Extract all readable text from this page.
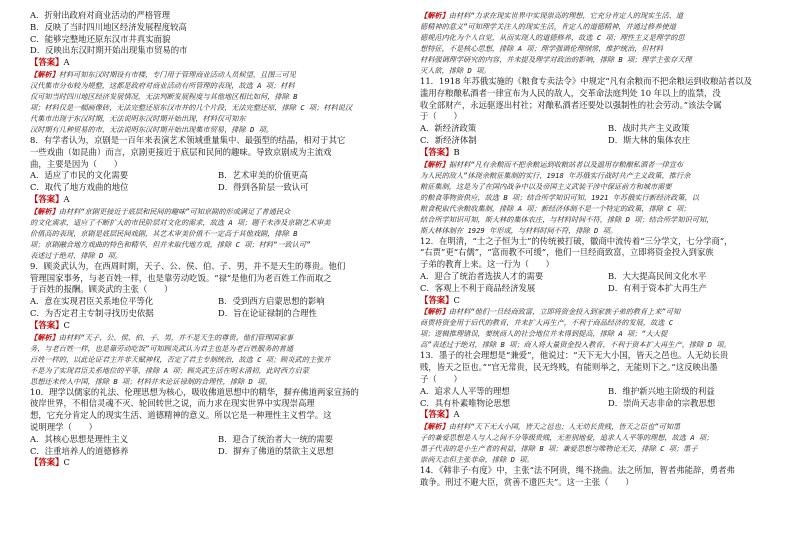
A．折射出政府对商业活动的严格管理
B．反映了当时四川地区经济发展程度较高
C．能够完整地还原东汉市井真实面貌
D．反映出东汉时期开始出现集市贸易的市
【答案】A
【解析】材料可知东汉时期设有市楼，专门用于管理商业活动人员候望，且图三可见
汉代集市分布较为规整，这都是政府对商业活动有所管理的表现，故选 A 项；材料
仅可知当时四川地区经济发展情况，无法判断发展程度与其他地区相比如何，排除 B
项；材料仅是一幅画像砖，无法完整还原东汉市井的几个片段，无法完整还原，排除 C 项；材料说汉
代集市出现于东汉时期，无法说明东汉时期开始出现，材料仅可知东
汉时期有几种贸易的市，无法说明东汉时期开始出现集市贸易，排除 D 项。
8．有学者认为，京剧是一百年来表演艺术领域重量集中、最强型的结晶，相对于其它
一些戏曲（如昆曲）而言，京剧更接近于底层和民间的趣味。导致京剧成为主流戏
曲，主要是因为（　　）
A．适应了市民的文化需要	B．艺术审美的价值更高
C．取代了地方戏曲的地位	D．得到各阶层一致认可
【答案】A
【解析】由材料“京剧更接近于底层和民间的趣味”可知京剧的形成满足了普通民众
的文化需求，适应了不断扩大的市民阶层对文化的需求，故选 A 项；题干未涉及京剧艺术审美
价值高的表现，京剧是底层民间戏剧，其艺术审美价值不一定高于其他戏剧，排除 B
项；京剧融合地方戏曲的特色和精华，但并未取代地方戏，排除 C 项；材料“一致认可”
表述过于绝对，排除 D 项。
9．顾炎武认为，在西周时期，天子、公、侯、伯、子、男，并不是天生的尊贵。他们
管理国家事务，与老百姓一样，也是靠劳动吃饭。“禄”是他们为老百姓工作而取之
于百姓的报酬。顾炎武的主张（　　）
A．意在实现君臣关系地位平等化	B．受到西方启蒙思想的影响
C．为否定君主专制寻找历史依据	D．旨在论证禄制的合理性
【答案】C
【解析】由材料“天子、公、侯、伯、子、男，并不是天生的尊贵。他们管理国家事
务，与老百姓一样，也是靠劳动吃饭”可知顾炎武认为君主也是为老百姓服务的普通
百姓一样的，以此论证君主并非天赋神权，否定了君主专制统治，故选 C 项；顾炎武的主张并
不是为了实现君臣关系地位的平等，排除 A 项；顾炎武生活在明末清初，此时西方启蒙
思想还未传入中国，排除 B 项；材料并未论证禄制的合理性，排除 D 项。
10．理学以儒家的礼法、伦理思想为核心，吸收佛道思想中的精华，摒弃佛道两家宣扬的
彼岸世界，不相信灵魂不灭、轮回转世之说，而力求在现实世界中实现崇高理
想，它充分肯定人的现实生活、道德精神的意义。所以它是一种理性主义哲学。这
说明理学（　　）
A．其核心思想是理性主义	B．迎合了统治者大一统的需要
C．注重培养人的道德修养	D．摒弃了佛道的禁欲主义思想
【答案】C
【解析】由材料“力求在现实世界中实现崇高的理想，它充分肯定人的现实生活、道
德精神的意义”可知理学关注人的现实生活，肯定人的道德精神，并通过修养使道
德规范内化为个人自觉，从而实现人的道德修养，故选 C 项；理性主义是理学的思
想特征，不是核心思想，排除 A 项；理学强调伦理纲常，维护统治，但材料
材料强调理学研究的内容，并未提及理学对政治的影响，排除 B 项；理学主张存天理
灭人欲，排除 D 项。
11．1918 年苏俄实施的《粮食专卖法令》中规定“凡有余粮而不把余粮运到收粮站者以及
滥用存粮酿私酒者一律宣布为人民的敌人，交革命法庭判处 10 年以上的监禁，没
收全部财产，永远驱逐出村社；对酿私酒者还要处以强制性的社会劳动。”该法令属
于（　　）
A．新经济政策	B．战时共产主义政策
C．新经济体制	D．斯大林的集体农庄
【答案】B
【解析】据材料“凡有余粮而不把余粮运到收粮站者以及滥用存粮酿私酒者一律宣布
为人民的敌人”体现余粮征集制的实行，1918 年苏俄实行战时共产主义政策，推行余
粮征集制，这是为了在国内战争中以及帝国主义武装干涉中保证前方和城市需要
的粮食等物资供应，故选 B 项；结合所学知识可知，1921 年苏俄实行新经济政策，以
粮食税取代余粮收集制，排除 A 项；新经济体制不是一个特定的政策，排除 C 项；
结合所学知识可知，斯大林的集体农庄，与材料时间不符，排除 D 项；结合所学知识可知，
斯大林体制在 1929 年形成，与材料时间不符，排除 D 项。
12．在明清，“士之子恒为士”的传统被打破，徽商中流传着“三分学文，七分学商”，
“右贾”更“右儒”，“富而教不可缓”，他们一旦经商致富，立即将资金投入到家族
子弟的教育上来。这一行为（　　）
A．迎合了统治者选拔人才的需要	B．大大提高民间文化水平
C．客观上不利于商品经济发展	D．有利于资本扩大再生产
【答案】C
【解析】由材料“他们一旦经商致富，立即将资金投入到家族子弟的教育上来”可知
商贾将资金用于后代的教育，并未扩大再生产，不利于商品经济的发展，故选 C
项；逻辑推理错误，要统商人的社会地位并未得到提高，排除 A 项；“大大提
高”表述过于绝对，排除 B 项；商人将大量资金投入教育，不利于资本扩大再生产，排除 D 项。
13．墨子的社会理想是“兼爱”，他说过：“天下无大小国，皆天之邑也。人无幼长贵
贱，皆天之臣也。”“官无常贵，民无终贱，有能则举之，无能则下之。”这反映出墨
子（　　）
A．追求人人平等的理想	B．维护新兴地主阶级的利益
C．具有朴素唯物论思想	D．崇尚天志非命的宗教思想
【答案】A
【解析】由材料“天下无大小国，皆天之邑也；人无幼长贵贱，皆天之臣也”可知墨
子的兼爱思想是人与人之间不分等级贵贱，无差别地爱，追求人人平等的理想，故选 A 项；
墨子代表的是小生产者的利益，排除 B 项；兼爱思想与唯物论无关，排除 C 项；墨子
崇尚天志但主张非命，排除 D 项。
14．《韩非子·有度》中，主张“法不阿贵，绳不挠曲。法之所加，智者弗能辞，勇者弗
敢争。刑过不避大臣，赏善不遗匹夫”。这一主张（　　）
